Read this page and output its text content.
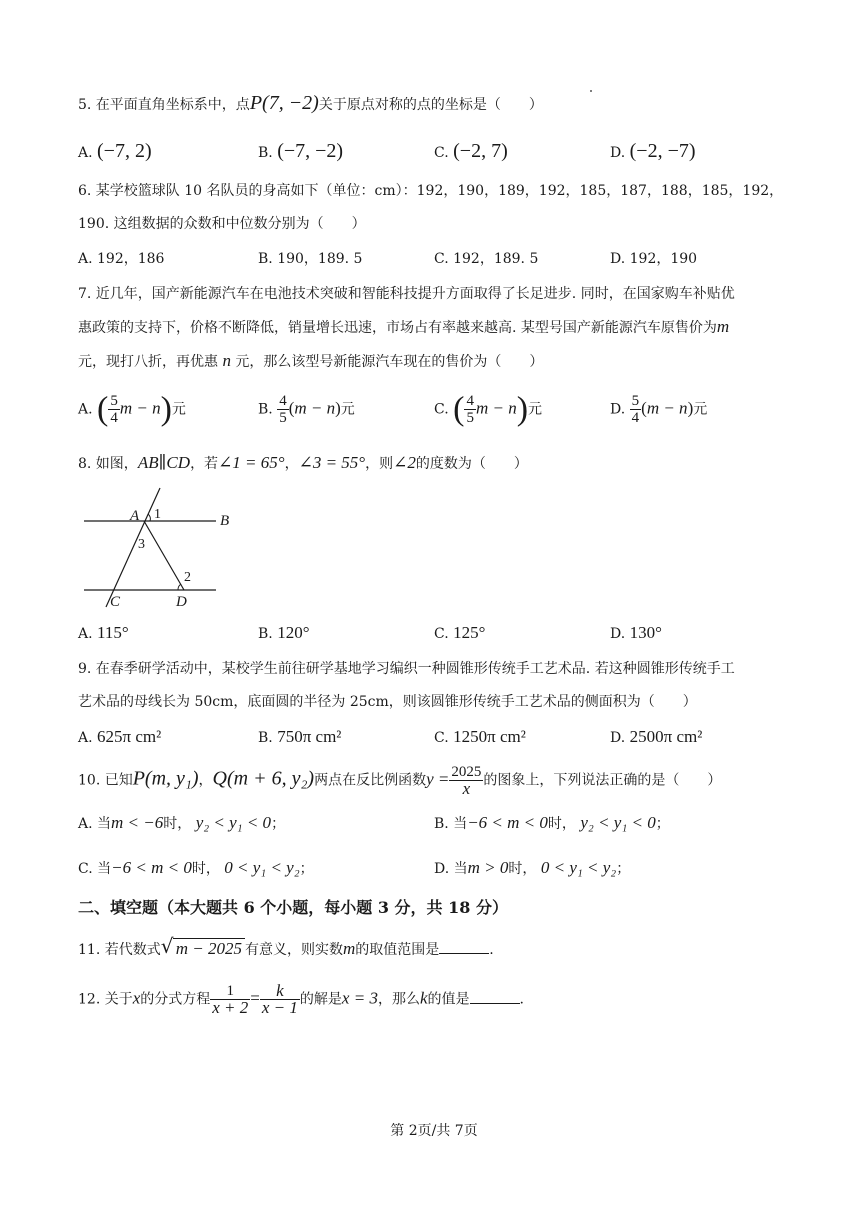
5. 在平面直角坐标系中，点P(7, −2)关于原点对称的点的坐标是（　　）
A. (−7, 2)	B. (−7, −2)	C. (−2, 7)	D. (−2, −7)
6. 某学校篮球队 10 名队员的身高如下（单位：cm）：192，190，189，192，185，187，188，185，192，
190. 这组数据的众数和中位数分别为（　　）
A. 192，186	B. 190，189. 5	C. 192，189. 5	D. 192，190
7. 近几年，国产新能源汽车在电池技术突破和智能科技提升方面取得了长足进步. 同时，在国家购车补贴优
惠政策的支持下，价格不断降低，销量增长迅速，市场占有率越来越高. 某型号国产新能源汽车原售价为m
元，现打八折，再优惠 n 元，那么该型号新能源汽车现在的售价为（　　）
A. ( $\frac{5}{4}$ m − n)元	B. $\frac{4}{5} (m - n)$元	C. ( $\frac{4}{5}$ m − n)元	D. $\frac{5}{4} (m - n)$元
8. 如图，AB∥CD，若∠1 = 65°，∠3 = 55°，则∠2的度数为（　　）
A 1	B
3
2
C	D
A. 115°	B. 120°	C. 125°	D. 130°
9. 在春季研学活动中，某校学生前往研学基地学习编织一种圆锥形传统手工艺术品. 若这种圆锥形传统手工
艺术品的母线长为 50cm，底面圆的半径为 25cm，则该圆锥形传统手工艺术品的侧面积为（　　）
A. 625π cm²	B. 750π cm²	C. 1250π cm²	D. 2500π cm²
10. 已知P(m, y₁)，Q(m + 6, y₂)两点在反比例函数$y = \frac{2025}{x}$ 的图象上，下列说法正确的是（　　）
A. 当m < −6时， y₂ < y₁ < 0；	B. 当−6 < m < 0时， y₂ < y₁ < 0；
C. 当−6 < m < 0时， 0 < y₁ < y₂；	D. 当m > 0时， 0 < y₁ < y₂；
二、填空题（本大题共 6 个小题，每小题 3 分，共 18 分）
11. 若代数式 √ m − 2025 有意义，则实数m的取值范围是	.
12. 关于x的分式方程 $\frac{1}{x + 2} = \frac{k}{x - 1}$ 的解是x = 3，那么k的值是	.
第 2页/共 7页
